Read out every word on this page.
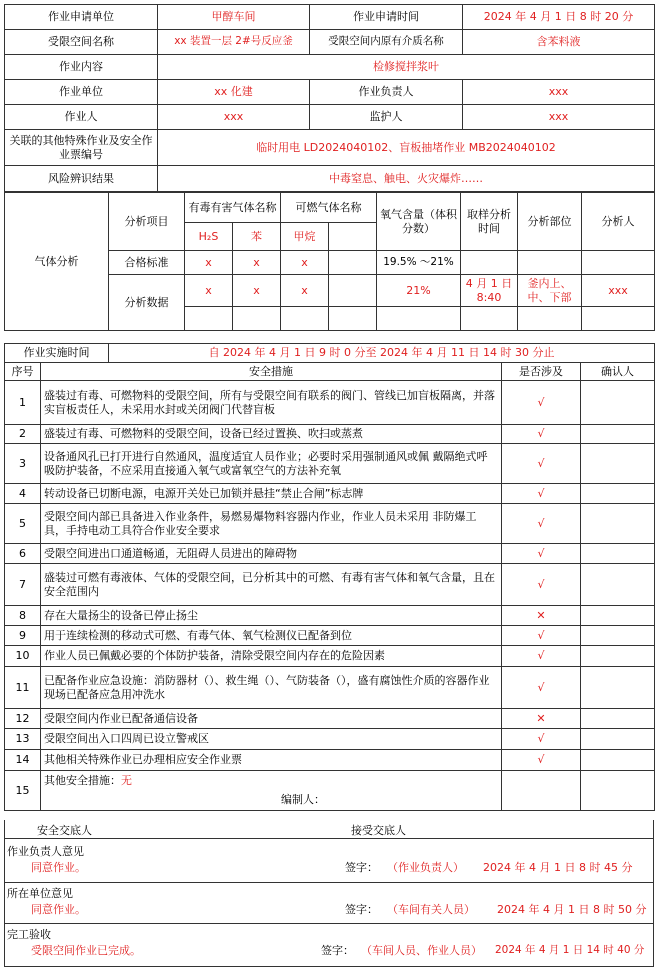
作业申请单位	甲醇车间	作业申请时间	2024 年 4 月 1 日 8 时 20 分
受限空间名称	xx 装置一层 2#号反应釜	受限空间内原有介质名称	含苯料液
作业内容	检修搅拌浆叶		
作业单位	xx 化建	作业负责人	xxx
作业人	xxx	监护人	xxx
关联的其他特殊作业及安全作业票编号	临时用电 LD2024040102、盲板抽堵作业 MB2024040102		
风险辨识结果	中毒窒息、触电、火灾爆炸……		
气体分析	分析项目	有毒有害气体名称		可燃气体名称		氧气含量（体积分数）	取样分析时间	分析部位	分析人
		H₂S	苯	甲烷					
	合格标准	x	x	x		19.5% ～21%			
	分析数据	x	x	x		21%	4 月 1 日 8:40	釜内上、中、下部	xxx

作业实施时间		自 2024 年 4 月 1 日 9 时 0 分至 2024 年 4 月 11 日 14 时 30 分止		
序号	安全措施		是否涉及	确认人
1	盛装过有毒、可燃物料的受限空间，所有与受限空间有联系的阀门、管线已加盲板隔离，并落实盲板责任人，未采用水封或关闭阀门代替盲板		√	
2	盛装过有毒、可燃物料的受限空间，设备已经过置换、吹扫或蒸煮		√	
3	设备通风孔已打开进行自然通风，温度适宜人员作业；必要时采用强制通风或佩 戴隔绝式呼吸防护装备，不应采用直接通入氧气或富氧空气的方法补充氧		√	
4	转动设备已切断电源，电源开关处已加锁并悬挂“禁止合闸”标志牌		√	
5	受限空间内部已具备进入作业条件，易燃易爆物料容器内作业，作业人员未采用 非防爆工具，手持电动工具符合作业安全要求		√	
6	受限空间进出口通道畅通，无阻碍人员进出的障碍物		√	
7	盛装过可燃有毒液体、气体的受限空间，已分析其中的可燃、有毒有害气体和氧气含量，且在安全范围内		√	
8	存在大量扬尘的设备已停止扬尘		✕	
9	用于连续检测的移动式可燃、有毒气体、氧气检测仪已配备到位		√	
10	作业人员已佩戴必要的个体防护装备，清除受限空间内存在的危险因素		√	
11	已配备作业应急设施：消防器材（）、救生绳（）、气防装备（），盛有腐蚀性介质的容器作业现场已配备应急用冲洗水		√	
12	受限空间内作业已配备通信设备		✕	
13	受限空间出入口四周已设立警戒区		√	
14	其他相关特殊作业已办理相应安全作业票		√	
15	其他安全措施：无
编制人：			

安全交底人	接受交底人
作业负责人意见
同意作业。	签字： （作业负责人） 2024 年 4 月 1 日 8 时 45 分
所在单位意见
同意作业。	签字： （车间有关人员） 2024 年 4 月 1 日 8 时 50 分
完工验收
受限空间作业已完成。	签字： （车间人员、作业人员） 2024 年 4 月 1 日 14 时 40 分
